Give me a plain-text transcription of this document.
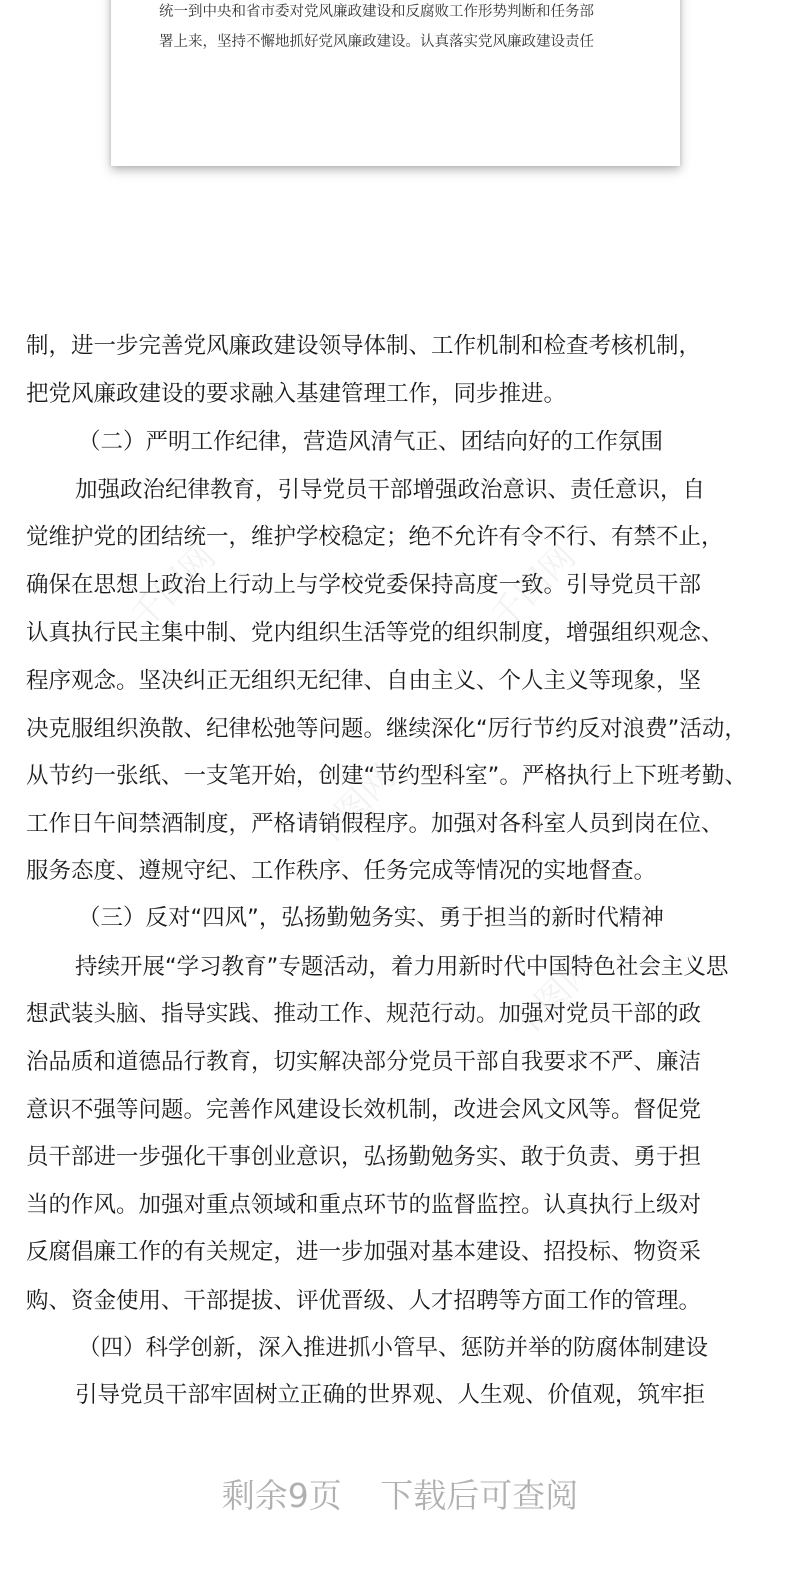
统一到中央和省市委对党风廉政建设和反腐败工作形势判断和任务部
署上来，坚持不懈地抓好党风廉政建设。认真落实党风廉政建设责任
千图网	千图网
千图网
千图网
制，进一步完善党风廉政建设领导体制、工作机制和检查考核机制，
把党风廉政建设的要求融入基建管理工作，同步推进。
（二）严明工作纪律，营造风清气正、团结向好的工作氛围
加强政治纪律教育，引导党员干部增强政治意识、责任意识，自
觉维护党的团结统一，维护学校稳定；绝不允许有令不行、有禁不止，
确保在思想上政治上行动上与学校党委保持高度一致。引导党员干部
认真执行民主集中制、党内组织生活等党的组织制度，增强组织观念、
程序观念。坚决纠正无组织无纪律、自由主义、个人主义等现象，坚
决克服组织涣散、纪律松弛等问题。继续深化“厉行节约反对浪费”活动，
从节约一张纸、一支笔开始，创建“节约型科室”。严格执行上下班考勤、
工作日午间禁酒制度，严格请销假程序。加强对各科室人员到岗在位、
服务态度、遵规守纪、工作秩序、任务完成等情况的实地督查。
（三）反对“四风”，弘扬勤勉务实、勇于担当的新时代精神
持续开展“学习教育”专题活动，着力用新时代中国特色社会主义思
想武装头脑、指导实践、推动工作、规范行动。加强对党员干部的政
治品质和道德品行教育，切实解决部分党员干部自我要求不严、廉洁
意识不强等问题。完善作风建设长效机制，改进会风文风等。督促党
员干部进一步强化干事创业意识，弘扬勤勉务实、敢于负责、勇于担
当的作风。加强对重点领域和重点环节的监督监控。认真执行上级对
反腐倡廉工作的有关规定，进一步加强对基本建设、招投标、物资采
购、资金使用、干部提拔、评优晋级、人才招聘等方面工作的管理。
（四）科学创新，深入推进抓小管早、惩防并举的防腐体制建设
引导党员干部牢固树立正确的世界观、人生观、价值观，筑牢拒
剩余9页 下载后可查阅
